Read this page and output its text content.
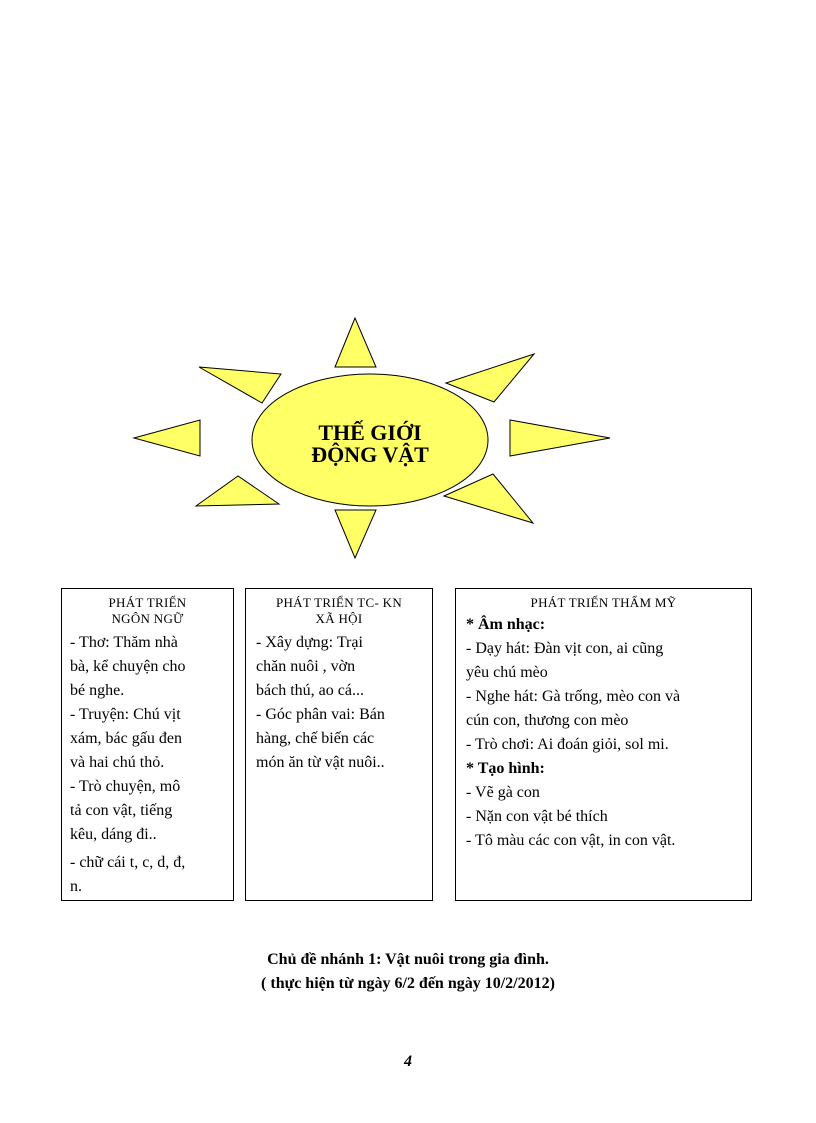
THẾ GIỚI
ĐỘNG VẬT
PHÁT TRIỂN
NGÔN NGỮ
- Thơ: Thăm nhà
bà, kể chuyện cho
bé nghe.
- Truyện: Chú vịt
xám, bác gấu đen
và hai chú thỏ.
- Trò chuyện, mô
tả con vật, tiếng
kêu, dáng đi..
- chữ cái t, c, d, đ,
n.
PHÁT TRIỂN TC- KN
XÃ HỘI
- Xây dựng: Trại
chăn nuôi , vờn
bách thú, ao cá...
- Góc phân vai: Bán
hàng, chế biến các
món ăn từ vật nuôi..
PHÁT TRIỂN THẨM MỸ
* Âm nhạc:
- Dạy hát: Đàn vịt con, ai cũng
yêu chú mèo
- Nghe hát: Gà trống, mèo con và
cún con, thương con mèo
- Trò chơi: Ai đoán giỏi, sol mi.
* Tạo hình:
- Vẽ gà con
- Nặn con vật bé thích
- Tô màu các con vật, in con vật.
Chủ đề nhánh 1: Vật nuôi trong gia đình.
( thực hiện từ ngày 6/2 đến ngày 10/2/2012)
4
